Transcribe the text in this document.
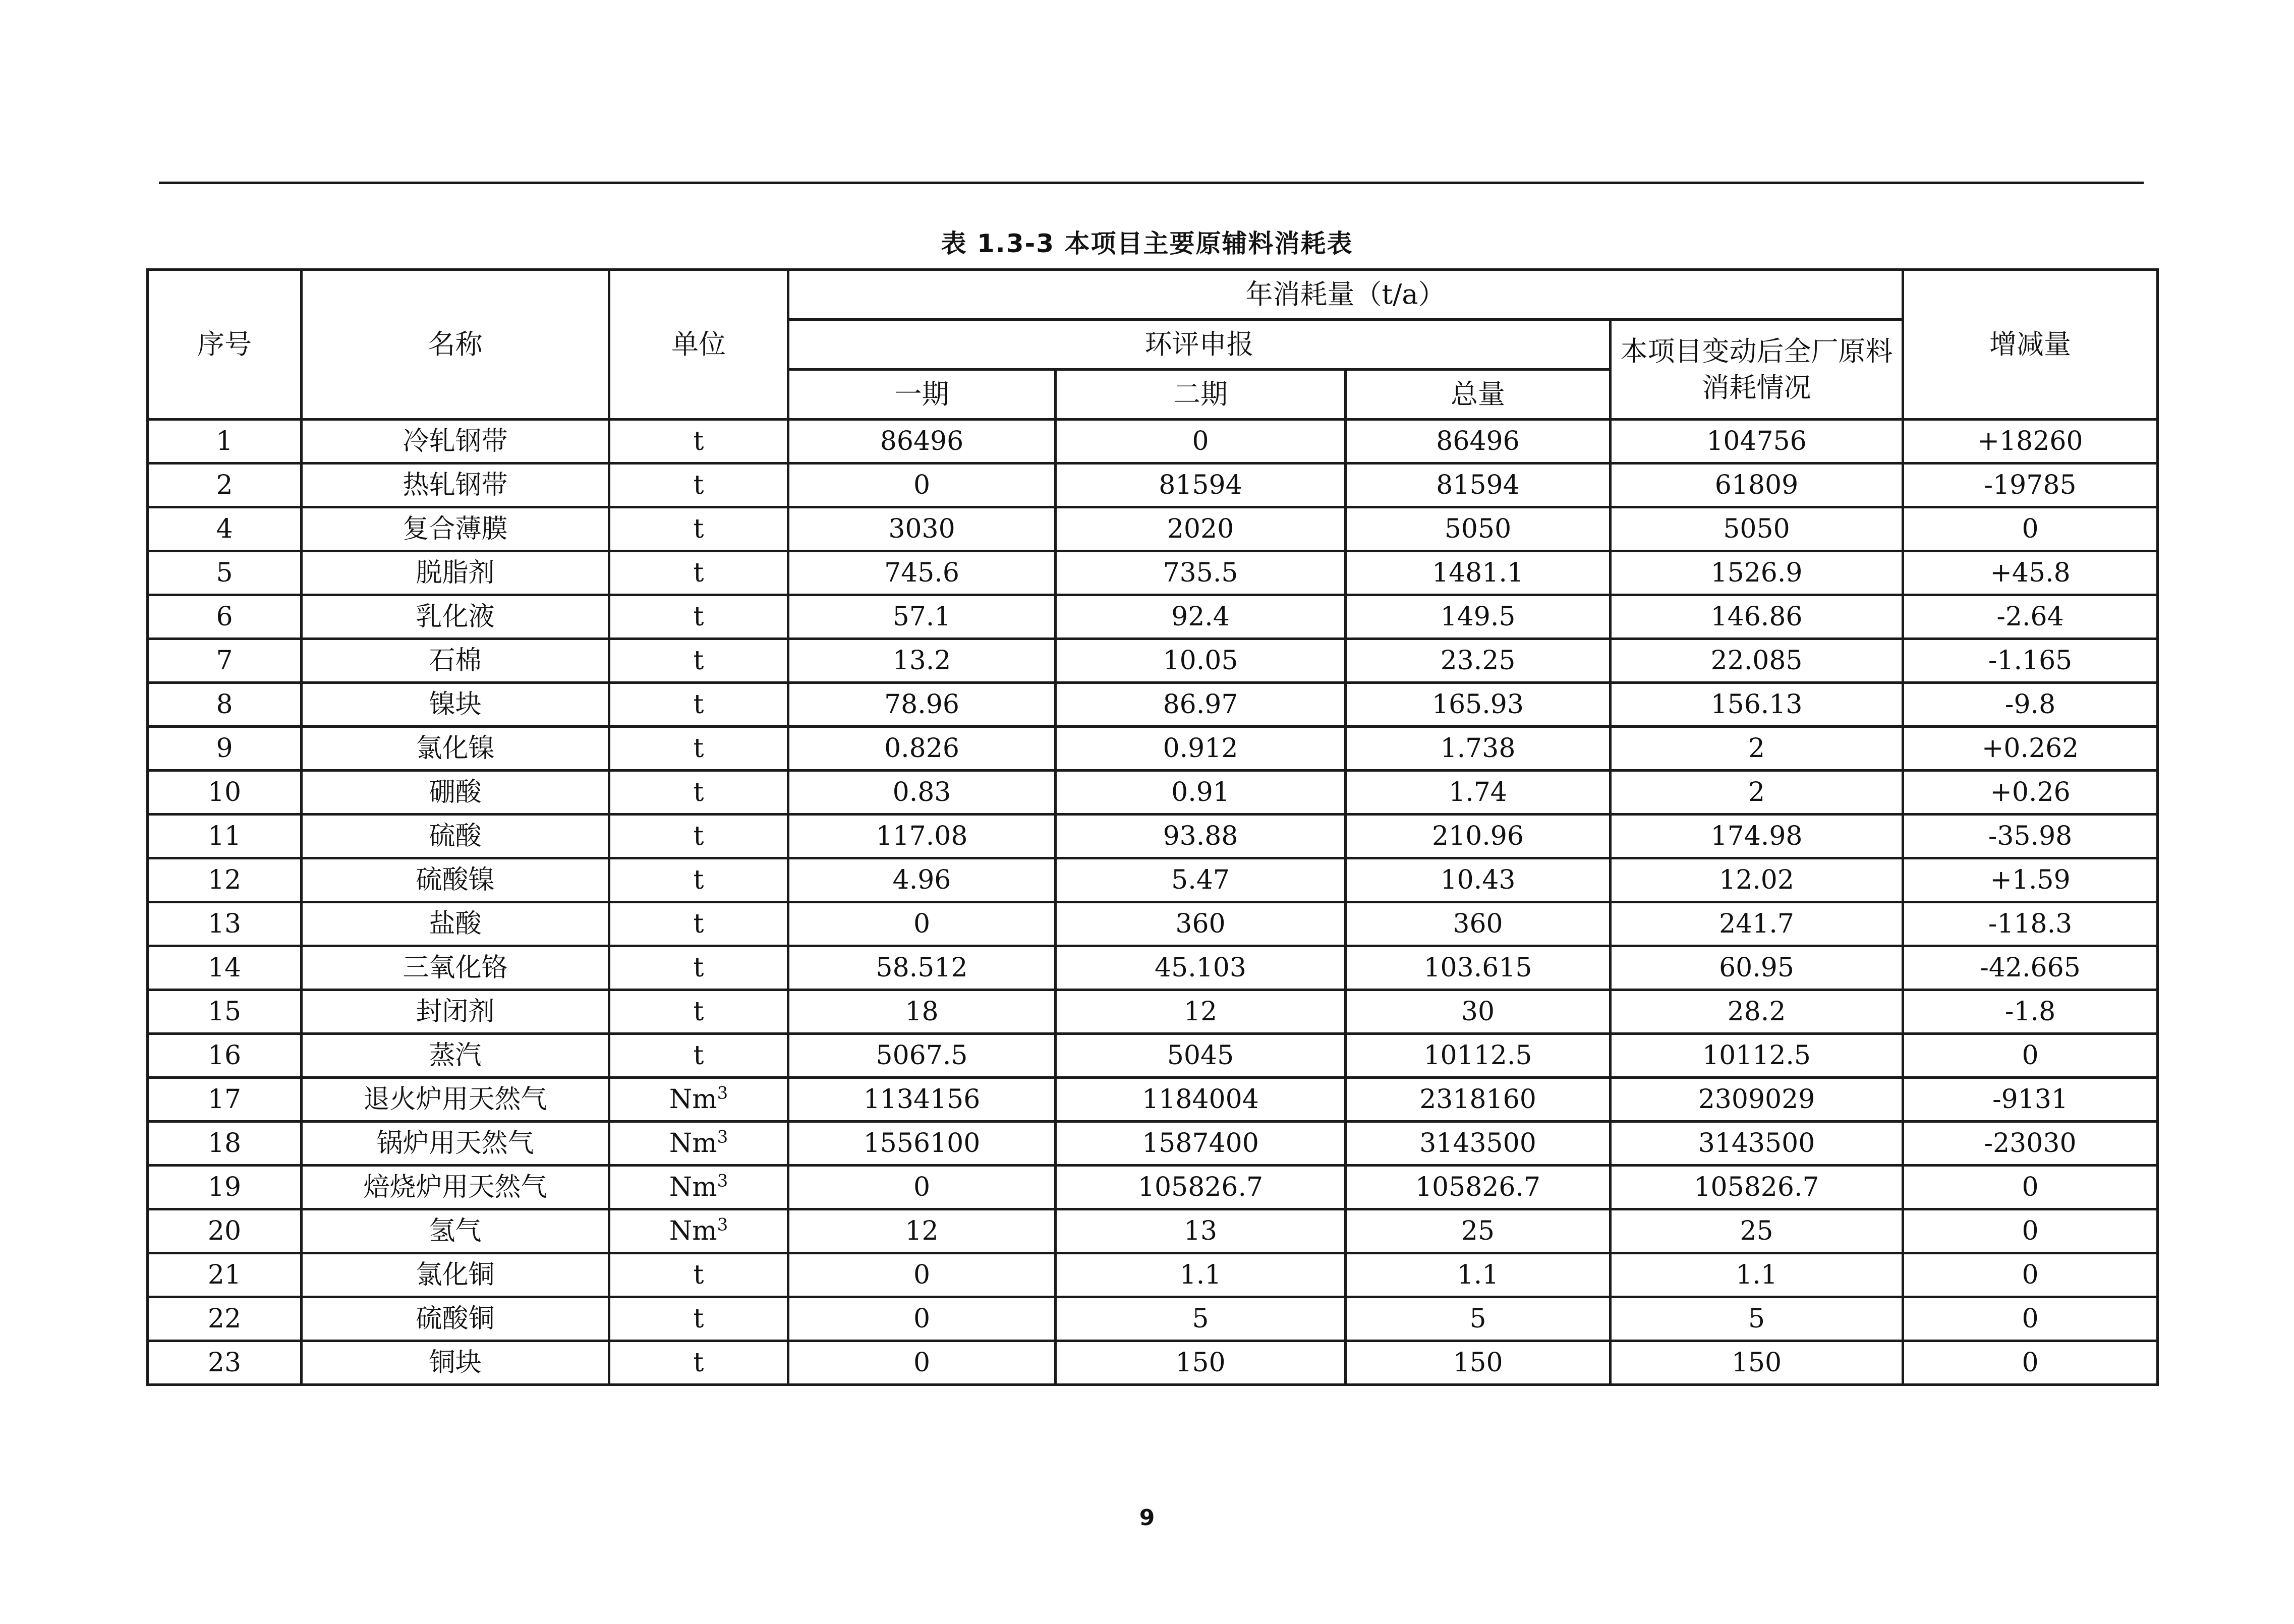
表 1.3-3 本项目主要原辅料消耗表
序号	名称	单位	年消耗量（t/a）				增减量
			环评申报			本项目变动后全厂原料消耗情况	
			一期	二期	总量		
1	冷轧钢带	t	86496	0	86496	104756	+18260
2	热轧钢带	t	0	81594	81594	61809	-19785
4	复合薄膜	t	3030	2020	5050	5050	0
5	脱脂剂	t	745.6	735.5	1481.1	1526.9	+45.8
6	乳化液	t	57.1	92.4	149.5	146.86	-2.64
7	石棉	t	13.2	10.05	23.25	22.085	-1.165
8	镍块	t	78.96	86.97	165.93	156.13	-9.8
9	氯化镍	t	0.826	0.912	1.738	2	+0.262
10	硼酸	t	0.83	0.91	1.74	2	+0.26
11	硫酸	t	117.08	93.88	210.96	174.98	-35.98
12	硫酸镍	t	4.96	5.47	10.43	12.02	+1.59
13	盐酸	t	0	360	360	241.7	-118.3
14	三氧化铬	t	58.512	45.103	103.615	60.95	-42.665
15	封闭剂	t	18	12	30	28.2	-1.8
16	蒸汽	t	5067.5	5045	10112.5	10112.5	0
17	退火炉用天然气	Nm$^3$	1134156	1184004	2318160	2309029	-9131
18	锅炉用天然气	Nm$^3$	1556100	1587400	3143500	3143500	-23030
19	焙烧炉用天然气	Nm$^3$	0	105826.7	105826.7	105826.7	0
20	氢气	Nm$^3$	12	13	25	25	0
21	氯化铜	t	0	1.1	1.1	1.1	0
22	硫酸铜	t	0	5	5	5	0
23	铜块	t	0	150	150	150	0
9
